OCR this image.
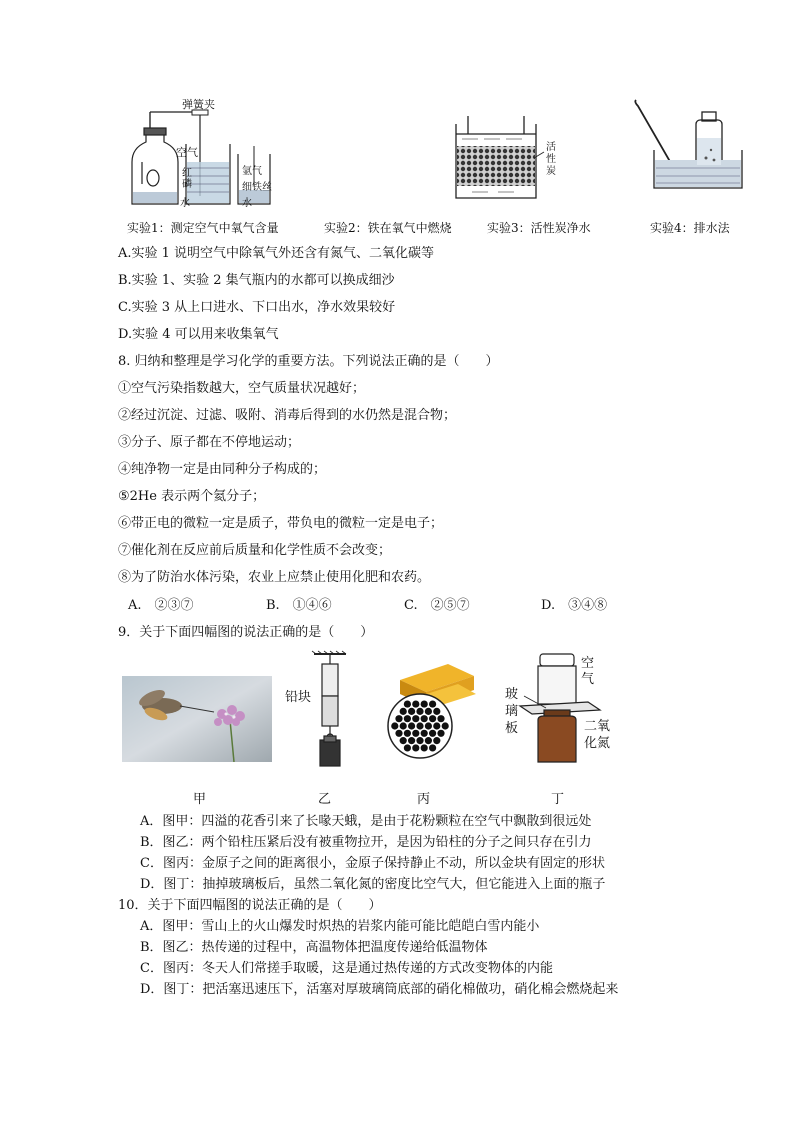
弹簧夹
空气
红磷
水
氩气
细铁丝
水
活性炭
实验1：测定空气中氧气含量	实验2：铁在氧气中燃烧	实验3：活性炭净水	实验4：排水法
A.实验 1 说明空气中除氧气外还含有氮气、二氧化碳等
B.实验 1、实验 2 集气瓶内的水都可以换成细沙
C.实验 3 从上口进水、下口出水，净水效果较好
D.实验 4 可以用来收集氧气
8. 归纳和整理是学习化学的重要方法。下列说法正确的是（　　）
①空气污染指数越大，空气质量状况越好；
②经过沉淀、过滤、吸附、消毒后得到的水仍然是混合物；
③分子、原子都在不停地运动；
④纯净物一定是由同种分子构成的；
⑤2He 表示两个氦分子；
⑥带正电的微粒一定是质子，带负电的微粒一定是电子；
⑦催化剂在反应前后质量和化学性质不会改变；
⑧为了防治水体污染，农业上应禁止使用化肥和农药。
A.　②③⑦	B.　①④⑥	C.　②⑤⑦	D.　③④⑧
9．关于下面四幅图的说法正确的是（　　）
铅块
空气
玻璃板	二氧化氮
甲	乙	丙	丁
A．图甲：四溢的花香引来了长喙天蛾，是由于花粉颗粒在空气中飘散到很远处
B．图乙：两个铅柱压紧后没有被重物拉开，是因为铅柱的分子之间只存在引力
C．图丙：金原子之间的距离很小，金原子保持静止不动，所以金块有固定的形状
D．图丁：抽掉玻璃板后，虽然二氧化氮的密度比空气大，但它能进入上面的瓶子
10．关于下面四幅图的说法正确的是（　　）
A．图甲：雪山上的火山爆发时炽热的岩浆内能可能比皑皑白雪内能小
B．图乙：热传递的过程中，高温物体把温度传递给低温物体
C．图丙：冬天人们常搓手取暖，这是通过热传递的方式改变物体的内能
D．图丁：把活塞迅速压下，活塞对厚玻璃筒底部的硝化棉做功，硝化棉会燃烧起来
